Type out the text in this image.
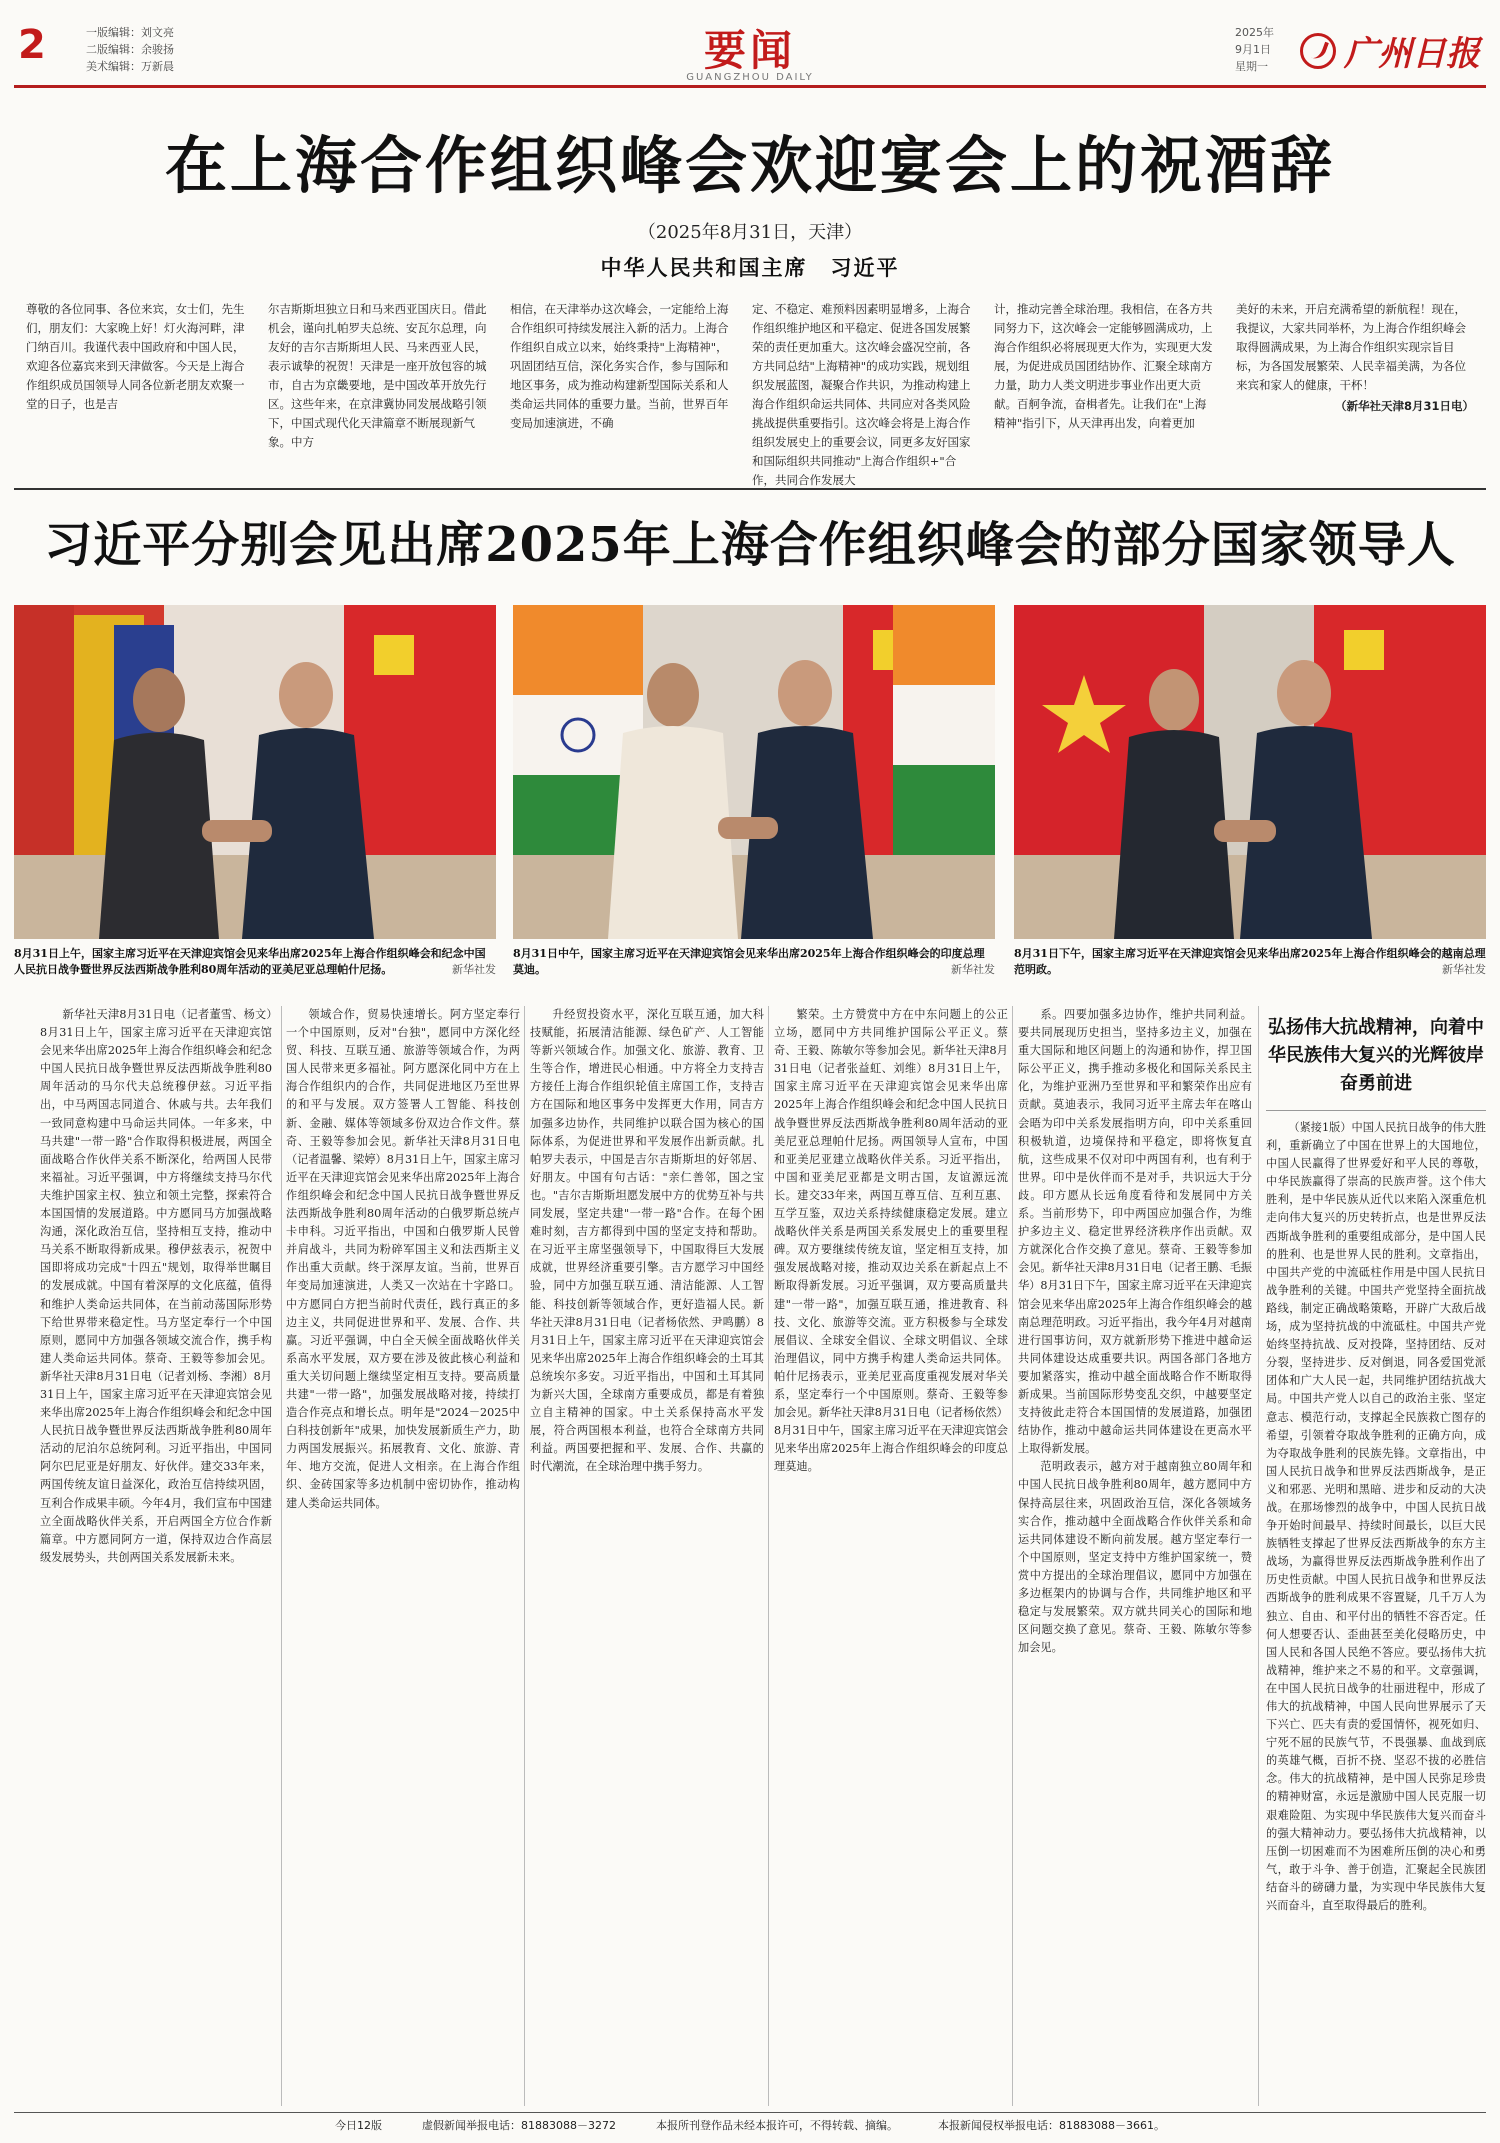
2	一版编辑：刘文亮
二版编辑：余骏扬
美术编辑：万新晨	要闻
GUANGZHOU DAILY
2025年
9月1日
星期一 广州日报
在上海合作组织峰会欢迎宴会上的祝酒辞
（2025年8月31日，天津）
中华人民共和国主席　习近平

尊敬的各位同事、各位来宾，女士们，先生们，朋友们：大家晚上好！灯火海河畔，津门纳百川。我谨代表中国政府和中国人民，欢迎各位嘉宾来到天津做客。今天是上海合作组织成员国领导人同各位新老朋友欢聚一堂的日子，也是吉

尔吉斯斯坦独立日和马来西亚国庆日。借此机会，谨向扎帕罗夫总统、安瓦尔总理，向友好的吉尔吉斯斯坦人民、马来西亚人民，表示诚挚的祝贺！天津是一座开放包容的城市，自古为京畿要地，是中国改革开放先行区。这些年来，在京津冀协同发展战略引领下，中国式现代化天津篇章不断展现新气象。中方

相信，在天津举办这次峰会，一定能给上海合作组织可持续发展注入新的活力。上海合作组织自成立以来，始终秉持"上海精神"，巩固团结互信，深化务实合作，参与国际和地区事务，成为推动构建新型国际关系和人类命运共同体的重要力量。当前，世界百年变局加速演进，不确

定、不稳定、难预料因素明显增多，上海合作组织维护地区和平稳定、促进各国发展繁荣的责任更加重大。这次峰会盛况空前，各方共同总结"上海精神"的成功实践，规划组织发展蓝图，凝聚合作共识，为推动构建上海合作组织命运共同体、共同应对各类风险挑战提供重要指引。这次峰会将是上海合作组织发展史上的重要会议，同更多友好国家和国际组织共同推动"上海合作组织+"合作，共同合作发展大

计，推动完善全球治理。我相信，在各方共同努力下，这次峰会一定能够圆满成功，上海合作组织必将展现更大作为，实现更大发展，为促进成员国团结协作、汇聚全球南方力量，助力人类文明进步事业作出更大贡献。百舸争流，奋楫者先。让我们在"上海精神"指引下，从天津再出发，向着更加

美好的未来，开启充满希望的新航程！现在，我提议，大家共同举杯，为上海合作组织峰会取得圆满成果，为上海合作组织实现宗旨目标，为各国发展繁荣、人民幸福美满，为各位来宾和家人的健康，干杯！

（新华社天津8月31日电）

习近平分别会见出席2025年上海合作组织峰会的部分国家领导人
8月31日上午，国家主席习近平在天津迎宾馆会见来华出席2025年上海合作组织峰会和纪念中国人民抗日战争暨世界反法西斯战争胜利80周年活动的亚美尼亚总理帕什尼扬。	新华社发
8月31日中午，国家主席习近平在天津迎宾馆会见来华出席2025年上海合作组织峰会的印度总理莫迪。	新华社发
8月31日下午，国家主席习近平在天津迎宾馆会见来华出席2025年上海合作组织峰会的越南总理范明政。	新华社发

新华社天津8月31日电（记者董雪、杨文）8月31日上午，国家主席习近平在天津迎宾馆会见来华出席2025年上海合作组织峰会和纪念中国人民抗日战争暨世界反法西斯战争胜利80周年活动的马尔代夫总统穆伊兹。习近平指出，中马两国志同道合、休戚与共。去年我们一致同意构建中马命运共同体。一年多来，中马共建"一带一路"合作取得积极进展，两国全面战略合作伙伴关系不断深化，给两国人民带来福祉。习近平强调，中方将继续支持马尔代夫维护国家主权、独立和领土完整，探索符合本国国情的发展道路。中方愿同马方加强战略沟通，深化政治互信，坚持相互支持，推动中马关系不断取得新成果。穆伊兹表示，祝贺中国即将成功完成"十四五"规划，取得举世瞩目的发展成就。中国有着深厚的文化底蕴，值得和维护人类命运共同体，在当前动荡国际形势下给世界带来稳定性。马方坚定奉行一个中国原则，愿同中方加强各领域交流合作，携手构建人类命运共同体。蔡奇、王毅等参加会见。新华社天津8月31日电（记者刘杨、李湘）8月31日上午，国家主席习近平在天津迎宾馆会见来华出席2025年上海合作组织峰会和纪念中国人民抗日战争暨世界反法西斯战争胜利80周年活动的尼泊尔总统阿利。习近平指出，中国同阿尔巴尼亚是好朋友、好伙伴。建交33年来，两国传统友谊日益深化，政治互信持续巩固，互利合作成果丰硕。今年4月，我们宣布中国建立全面战略伙伴关系，开启两国全方位合作新篇章。中方愿同阿方一道，保持双边合作高层级发展势头，共创两国关系发展新未来。

领域合作，贸易快速增长。阿方坚定奉行一个中国原则，反对"台独"，愿同中方深化经贸、科技、互联互通、旅游等领域合作，为两国人民带来更多福祉。阿方愿深化同中方在上海合作组织内的合作，共同促进地区乃至世界的和平与发展。双方签署人工智能、科技创新、金融、媒体等领域多份双边合作文件。蔡奇、王毅等参加会见。新华社天津8月31日电（记者温馨、梁婷）8月31日上午，国家主席习近平在天津迎宾馆会见来华出席2025年上海合作组织峰会和纪念中国人民抗日战争暨世界反法西斯战争胜利80周年活动的白俄罗斯总统卢卡申科。习近平指出，中国和白俄罗斯人民曾并肩战斗，共同为粉碎军国主义和法西斯主义作出重大贡献。终于深厚友谊。当前，世界百年变局加速演进，人类又一次站在十字路口。中方愿同白方把当前时代责任，践行真正的多边主义，共同促进世界和平、发展、合作、共赢。习近平强调，中白全天候全面战略伙伴关系高水平发展，双方要在涉及彼此核心利益和重大关切问题上继续坚定相互支持。要高质量共建"一带一路"，加强发展战略对接，持续打造合作亮点和增长点。明年是"2024－2025中白科技创新年"成果，加快发展新质生产力，助力两国发展振兴。拓展教育、文化、旅游、青年、地方交流，促进人文相亲。在上海合作组织、金砖国家等多边机制中密切协作，推动构建人类命运共同体。

升经贸投资水平，深化互联互通，加大科技赋能，拓展清洁能源、绿色矿产、人工智能等新兴领域合作。加强文化、旅游、教育、卫生等合作，增进民心相通。中方将全力支持吉方接任上海合作组织轮值主席国工作，支持吉方在国际和地区事务中发挥更大作用，同吉方加强多边协作，共同维护以联合国为核心的国际体系，为促进世界和平发展作出新贡献。扎帕罗夫表示，中国是吉尔吉斯斯坦的好邻居、好朋友。中国有句古话："亲仁善邻，国之宝也。"吉尔吉斯斯坦愿发展中方的优势互补与共同发展，坚定共建"一带一路"合作。在每个困难时刻，吉方都得到中国的坚定支持和帮助。在习近平主席坚强领导下，中国取得巨大发展成就，世界经济重要引擎。吉方愿学习中国经验，同中方加强互联互通、清洁能源、人工智能、科技创新等领域合作，更好造福人民。新华社天津8月31日电（记者杨依然、尹鸣鹏）8月31日上午，国家主席习近平在天津迎宾馆会见来华出席2025年上海合作组织峰会的土耳其总统埃尔多安。习近平指出，中国和土耳其同为新兴大国，全球南方重要成员，都是有着独立自主精神的国家。中土关系保持高水平发展，符合两国根本利益，也符合全球南方共同利益。两国要把握和平、发展、合作、共赢的时代潮流，在全球治理中携手努力。

繁荣。土方赞赏中方在中东问题上的公正立场，愿同中方共同维护国际公平正义。蔡奇、王毅、陈敏尔等参加会见。新华社天津8月31日电（记者张益虹、刘维）8月31日上午，国家主席习近平在天津迎宾馆会见来华出席2025年上海合作组织峰会和纪念中国人民抗日战争暨世界反法西斯战争胜利80周年活动的亚美尼亚总理帕什尼扬。两国领导人宣布，中国和亚美尼亚建立战略伙伴关系。习近平指出，中国和亚美尼亚都是文明古国，友谊源远流长。建交33年来，两国互尊互信、互利互惠、互学互鉴，双边关系持续健康稳定发展。建立战略伙伴关系是两国关系发展史上的重要里程碑。双方要继续传统友谊，坚定相互支持，加强发展战略对接，推动双边关系在新起点上不断取得新发展。习近平强调，双方要高质量共建"一带一路"，加强互联互通，推进教育、科技、文化、旅游等交流。亚方积极参与全球发展倡议、全球安全倡议、全球文明倡议、全球治理倡议，同中方携手构建人类命运共同体。帕什尼扬表示，亚美尼亚高度重视发展对华关系，坚定奉行一个中国原则。蔡奇、王毅等参加会见。新华社天津8月31日电（记者杨依然）8月31日中午，国家主席习近平在天津迎宾馆会见来华出席2025年上海合作组织峰会的印度总理莫迪。

系。四要加强多边协作，维护共同利益。要共同展现历史担当，坚持多边主义，加强在重大国际和地区问题上的沟通和协作，捍卫国际公平正义，携手推动多极化和国际关系民主化，为维护亚洲乃至世界和平和繁荣作出应有贡献。莫迪表示，我同习近平主席去年在喀山会晤为印中关系发展指明方向，印中关系重回积极轨道，边境保持和平稳定，即将恢复直航，这些成果不仅对印中两国有利，也有利于世界。印中是伙伴而不是对手，共识远大于分歧。印方愿从长远角度看待和发展同中方关系。当前形势下，印中两国应加强合作，为维护多边主义、稳定世界经济秩序作出贡献。双方就深化合作交换了意见。蔡奇、王毅等参加会见。新华社天津8月31日电（记者王鹏、毛振华）8月31日下午，国家主席习近平在天津迎宾馆会见来华出席2025年上海合作组织峰会的越南总理范明政。习近平指出，我今年4月对越南进行国事访问，双方就新形势下推进中越命运共同体建设达成重要共识。两国各部门各地方要加紧落实，推动中越全面战略合作不断取得新成果。当前国际形势变乱交织，中越要坚定支持彼此走符合本国国情的发展道路，加强团结协作，推动中越命运共同体建设在更高水平上取得新发展。

范明政表示，越方对于越南独立80周年和中国人民抗日战争胜利80周年，越方愿同中方保持高层往来，巩固政治互信，深化各领域务实合作，推动越中全面战略合作伙伴关系和命运共同体建设不断向前发展。越方坚定奉行一个中国原则，坚定支持中方维护国家统一，赞赏中方提出的全球治理倡议，愿同中方加强在多边框架内的协调与合作，共同维护地区和平稳定与发展繁荣。双方就共同关心的国际和地区问题交换了意见。蔡奇、王毅、陈敏尔等参加会见。

弘扬伟大抗战精神，向着中华民族伟大复兴的光辉彼岸奋勇前进

（紧接1版）中国人民抗日战争的伟大胜利，重新确立了中国在世界上的大国地位，中国人民赢得了世界爱好和平人民的尊敬，中华民族赢得了崇高的民族声誉。这个伟大胜利，是中华民族从近代以来陷入深重危机走向伟大复兴的历史转折点，也是世界反法西斯战争胜利的重要组成部分，是中国人民的胜利、也是世界人民的胜利。文章指出，中国共产党的中流砥柱作用是中国人民抗日战争胜利的关键。中国共产党坚持全面抗战路线，制定正确战略策略，开辟广大敌后战场，成为坚持抗战的中流砥柱。中国共产党始终坚持抗战、反对投降，坚持团结、反对分裂，坚持进步、反对倒退，同各爱国党派团体和广大人民一起，共同维护团结抗战大局。中国共产党人以自己的政治主张、坚定意志、模范行动，支撑起全民族救亡图存的希望，引领着夺取战争胜利的正确方向，成为夺取战争胜利的民族先锋。文章指出，中国人民抗日战争和世界反法西斯战争，是正义和邪恶、光明和黑暗、进步和反动的大决战。在那场惨烈的战争中，中国人民抗日战争开始时间最早、持续时间最长，以巨大民族牺牲支撑起了世界反法西斯战争的东方主战场，为赢得世界反法西斯战争胜利作出了历史性贡献。中国人民抗日战争和世界反法西斯战争的胜利成果不容置疑，几千万人为独立、自由、和平付出的牺牲不容否定。任何人想要否认、歪曲甚至美化侵略历史，中国人民和各国人民绝不答应。要弘扬伟大抗战精神，维护来之不易的和平。文章强调，在中国人民抗日战争的壮丽进程中，形成了伟大的抗战精神，中国人民向世界展示了天下兴亡、匹夫有责的爱国情怀，视死如归、宁死不屈的民族气节，不畏强暴、血战到底的英雄气概，百折不挠、坚忍不拔的必胜信念。伟大的抗战精神，是中国人民弥足珍贵的精神财富，永远是激励中国人民克服一切艰难险阻、为实现中华民族伟大复兴而奋斗的强大精神动力。要弘扬伟大抗战精神，以压倒一切困难而不为困难所压倒的决心和勇气，敢于斗争、善于创造，汇聚起全民族团结奋斗的磅礴力量，为实现中华民族伟大复兴而奋斗，直至取得最后的胜利。

今日12版	虚假新闻举报电话：81883088－3272	本报所刊登作品未经本报许可，不得转载、摘编。	本报新闻侵权举报电话：81883088－3661。
